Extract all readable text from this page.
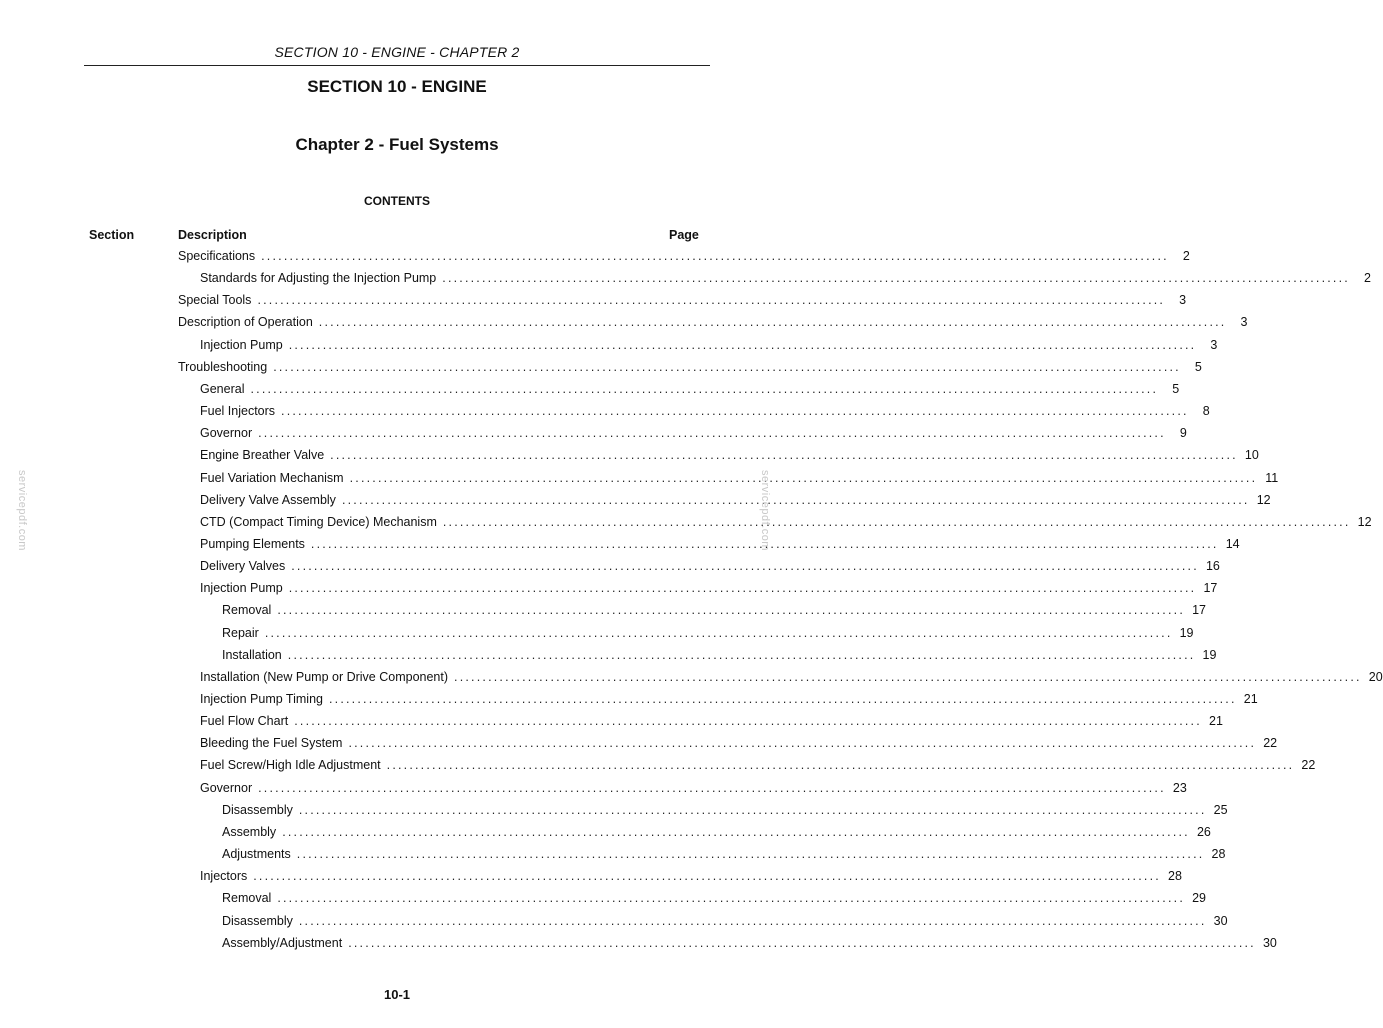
SECTION 10 - ENGINE - CHAPTER 2
SECTION 10 - ENGINE
Chapter 2 - Fuel Systems
CONTENTS
Section	Description	Page
Specifications ................................................................................................................................................................	2
Standards for Adjusting the Injection Pump ................................................................................................................................................................	2
Special Tools ................................................................................................................................................................	3
Description of Operation ................................................................................................................................................................	3
Injection Pump ................................................................................................................................................................	3
Troubleshooting ................................................................................................................................................................	5
General ................................................................................................................................................................	5
Fuel Injectors ................................................................................................................................................................	8
Governor ................................................................................................................................................................	9
Engine Breather Valve ................................................................................................................................................................ 10
Fuel Variation Mechanism ................................................................................................................................................................ 11
Delivery Valve Assembly ................................................................................................................................................................ 12
CTD (Compact Timing Device) Mechanism ................................................................................................................................................................ 12
Pumping Elements ................................................................................................................................................................ 14
Delivery Valves ................................................................................................................................................................ 16
Injection Pump ................................................................................................................................................................ 17
Removal ................................................................................................................................................................ 17
Repair ................................................................................................................................................................ 19
Installation ................................................................................................................................................................ 19
Installation (New Pump or Drive Component) ................................................................................................................................................................ 20
Injection Pump Timing ................................................................................................................................................................ 21
Fuel Flow Chart ................................................................................................................................................................ 21
Bleeding the Fuel System ................................................................................................................................................................ 22
Fuel Screw/High Idle Adjustment ................................................................................................................................................................ 22
Governor ................................................................................................................................................................ 23
Disassembly ................................................................................................................................................................ 25
Assembly ................................................................................................................................................................ 26
Adjustments ................................................................................................................................................................ 28
Injectors ................................................................................................................................................................ 28
Removal ................................................................................................................................................................ 29
Disassembly ................................................................................................................................................................ 30
Assembly/Adjustment ................................................................................................................................................................ 30
10-1
servicepdf.com	servicepdf.com
